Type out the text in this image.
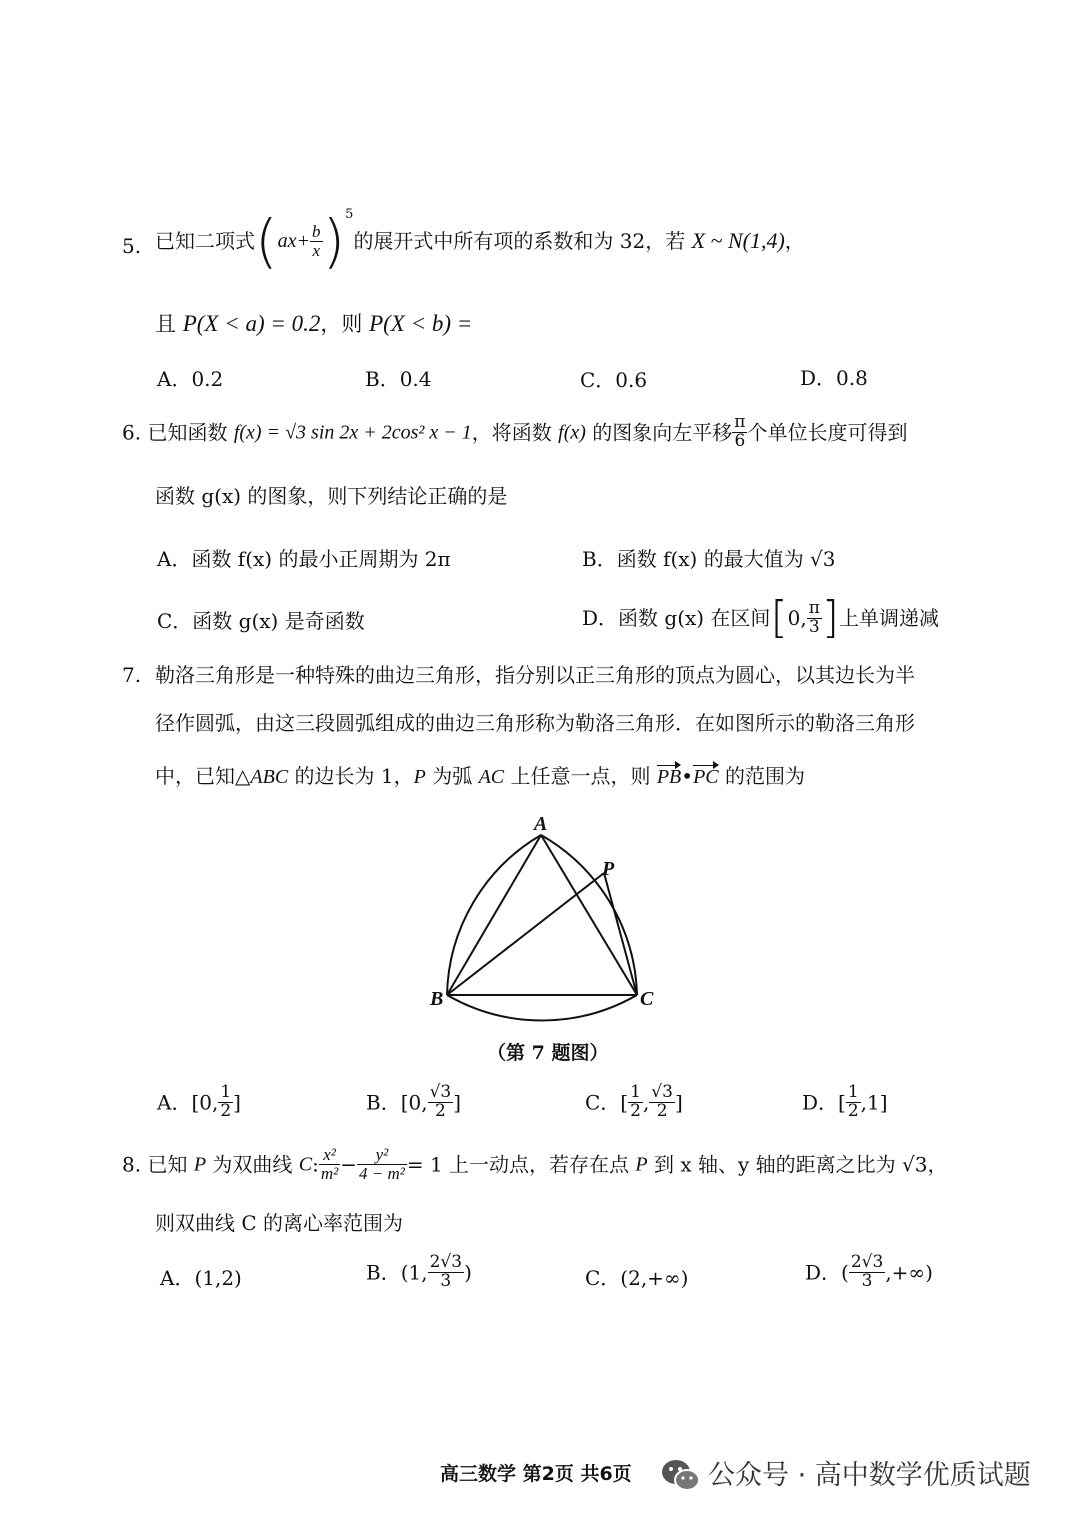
5. 已知二项式$(ax+ \frac{b}{x} )^5$的展开式中所有项的系数和为 32，若 X ~ N(1,4)，
且 P(X < a) = 0.2，则 P(X < b) =
A．0.2	B．0.4	C．0.6	D．0.8
6. 已知函数 f(x) = √3 sin 2x + 2cos² x − 1，将函数 f(x) 的图象向左平移 $\frac{\pi}{6}$ 个单位长度可得到
函数 g(x) 的图象，则下列结论正确的是
A．函数 f(x) 的最小正周期为 2π	B．函数 f(x) 的最大值为 √3
C．函数 g(x) 是奇函数	D．函数 g(x) 在区间[0, $\frac{\pi}{3}$ ]上单调递减
7. 勒洛三角形是一种特殊的曲边三角形，指分别以正三角形的顶点为圆心，以其边长为半
径作圆弧，由这三段圆弧组成的曲边三角形称为勒洛三角形．在如图所示的勒洛三角形
中，已知△ABC 的边长为 1，P 为弧 AC 上任意一点，则 PB•PC 的范围为
A
B	C
P
（第 7 题图）
A．[0, $\frac{1}{2}$ ]	B．[0, $\frac{√3}{2}$ ]	C．[ $\frac{1}{2}$ , $\frac{√3}{2}$ ]	D．[ $\frac{1}{2} ,1$]
8. 已知 P 为双曲线 C: $\frac{\text{x²}}{\text{m²}} - \frac{\text{y²}}{\text{4 − m²}} = 1$ 上一动点，若存在点 P 到 x 轴、y 轴的距离之比为 √3，
则双曲线 C 的离心率范围为
A．(1,2)	B．(1, $\frac{2√3}{3}$ )	C．(2,+∞)	D．( $\frac{2√3}{3}$ ,+∞)
高三数学 第2页 共6页	公众号 · 高中数学优质试题
